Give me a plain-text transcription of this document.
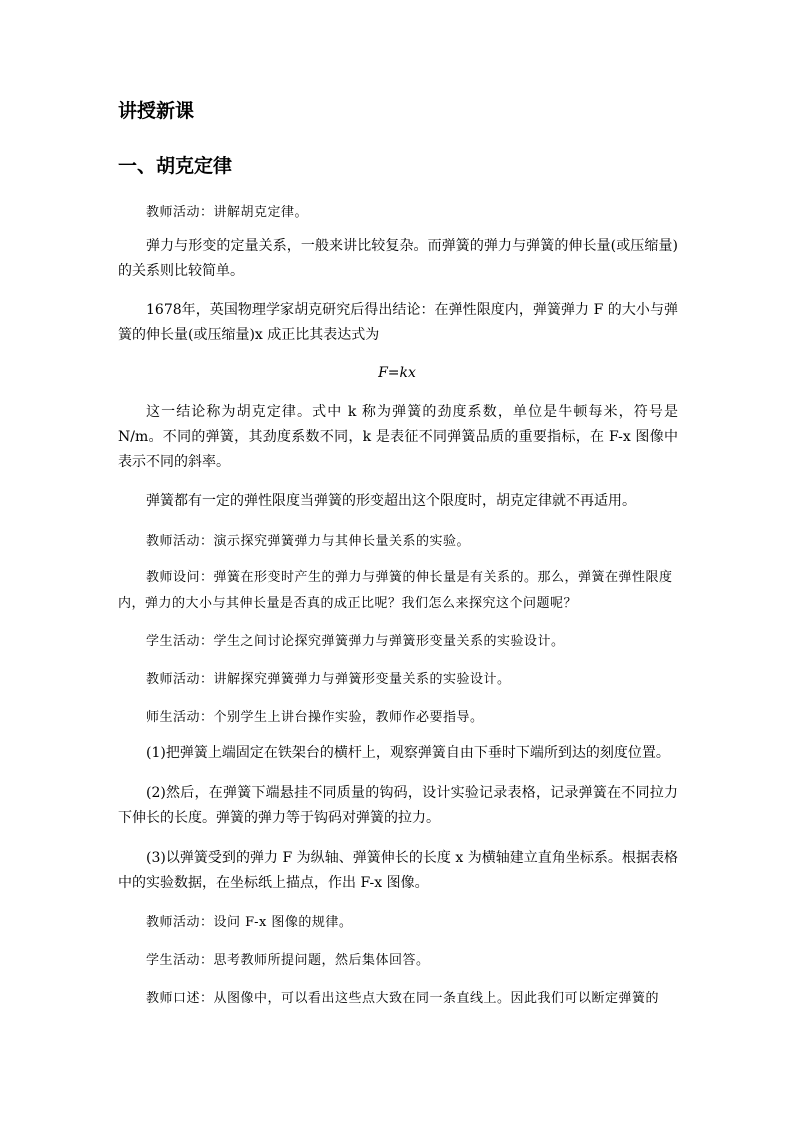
讲授新课
一、胡克定律
教师活动：讲解胡克定律。
弹力与形变的定量关系，一般来讲比较复杂。而弹簧的弹力与弹簧的伸长量(或压缩量)的关系则比较简单。
1678年，英国物理学家胡克研究后得出结论：在弹性限度内，弹簧弹力 F 的大小与弹簧的伸长量(或压缩量)x 成正比其表达式为
F=kx
这一结论称为胡克定律。式中 k 称为弹簧的劲度系数，单位是牛顿每米，符号是 N/m。不同的弹簧，其劲度系数不同，k 是表征不同弹簧品质的重要指标，在 F-x 图像中表示不同的斜率。
弹簧都有一定的弹性限度当弹簧的形变超出这个限度时，胡克定律就不再适用。
教师活动：演示探究弹簧弹力与其伸长量关系的实验。
教师设问：弹簧在形变时产生的弹力与弹簧的伸长量是有关系的。那么，弹簧在弹性限度内，弹力的大小与其伸长量是否真的成正比呢？我们怎么来探究这个问题呢？
学生活动：学生之间讨论探究弹簧弹力与弹簧形变量关系的实验设计。
教师活动：讲解探究弹簧弹力与弹簧形变量关系的实验设计。
师生活动：个别学生上讲台操作实验，教师作必要指导。
(1)把弹簧上端固定在铁架台的横杆上，观察弹簧自由下垂时下端所到达的刻度位置。
(2)然后，在弹簧下端悬挂不同质量的钩码，设计实验记录表格，记录弹簧在不同拉力下伸长的长度。弹簧的弹力等于钩码对弹簧的拉力。
(3)以弹簧受到的弹力 F 为纵轴、弹簧伸长的长度 x 为横轴建立直角坐标系。根据表格中的实验数据，在坐标纸上描点，作出 F-x 图像。
教师活动：设问 F-x 图像的规律。
学生活动：思考教师所提问题，然后集体回答。
教师口述：从图像中，可以看出这些点大致在同一条直线上。因此我们可以断定弹簧的
